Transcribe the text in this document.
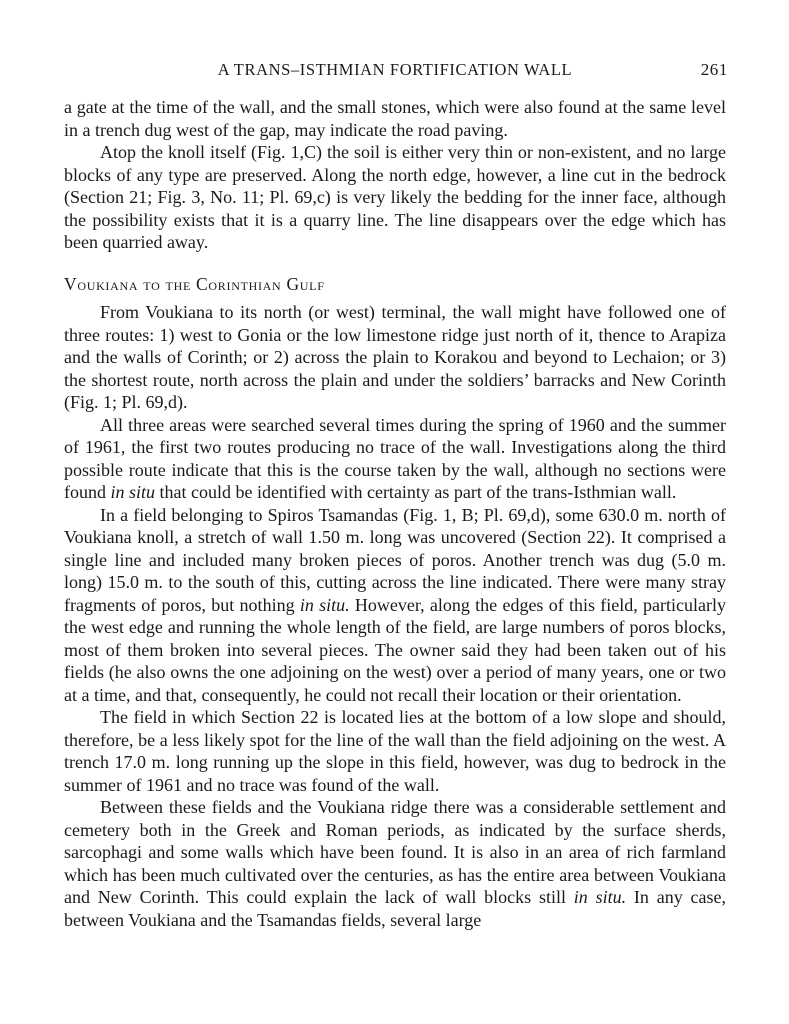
A TRANS–ISTHMIAN FORTIFICATION WALL	261

a gate at the time of the wall, and the small stones, which were also found at the same level in a trench dug west of the gap, may indicate the road paving.

Atop the knoll itself (Fig. 1,C) the soil is either very thin or non-existent, and no large blocks of any type are preserved. Along the north edge, however, a line cut in the bedrock (Section 21; Fig. 3, No. 11; Pl. 69,c) is very likely the bedding for the inner face, although the possibility exists that it is a quarry line. The line disappears over the edge which has been quarried away.

Voukiana to the Corinthian Gulf

From Voukiana to its north (or west) terminal, the wall might have followed one of three routes: 1) west to Gonia or the low limestone ridge just north of it, thence to Arapiza and the walls of Corinth; or 2) across the plain to Korakou and beyond to Lechaion; or 3) the shortest route, north across the plain and under the soldiers’ barracks and New Corinth (Fig. 1; Pl. 69,d).

All three areas were searched several times during the spring of 1960 and the summer of 1961, the first two routes producing no trace of the wall. Investigations along the third possible route indicate that this is the course taken by the wall, although no sections were found in situ that could be identified with certainty as part of the trans-Isthmian wall.

In a field belonging to Spiros Tsamandas (Fig. 1, B; Pl. 69,d), some 630.0 m. north of Voukiana knoll, a stretch of wall 1.50 m. long was uncovered (Section 22). It comprised a single line and included many broken pieces of poros. Another trench was dug (5.0 m. long) 15.0 m. to the south of this, cutting across the line indicated. There were many stray fragments of poros, but nothing in situ. However, along the edges of this field, particularly the west edge and running the whole length of the field, are large numbers of poros blocks, most of them broken into several pieces. The owner said they had been taken out of his fields (he also owns the one adjoining on the west) over a period of many years, one or two at a time, and that, consequently, he could not recall their location or their orientation.

The field in which Section 22 is located lies at the bottom of a low slope and should, therefore, be a less likely spot for the line of the wall than the field adjoining on the west. A trench 17.0 m. long running up the slope in this field, however, was dug to bedrock in the summer of 1961 and no trace was found of the wall.

Between these fields and the Voukiana ridge there was a considerable settlement and cemetery both in the Greek and Roman periods, as indicated by the surface sherds, sarcophagi and some walls which have been found. It is also in an area of rich farmland which has been much cultivated over the centuries, as has the entire area between Voukiana and New Corinth. This could explain the lack of wall blocks still in situ. In any case, between Voukiana and the Tsamandas fields, several large
